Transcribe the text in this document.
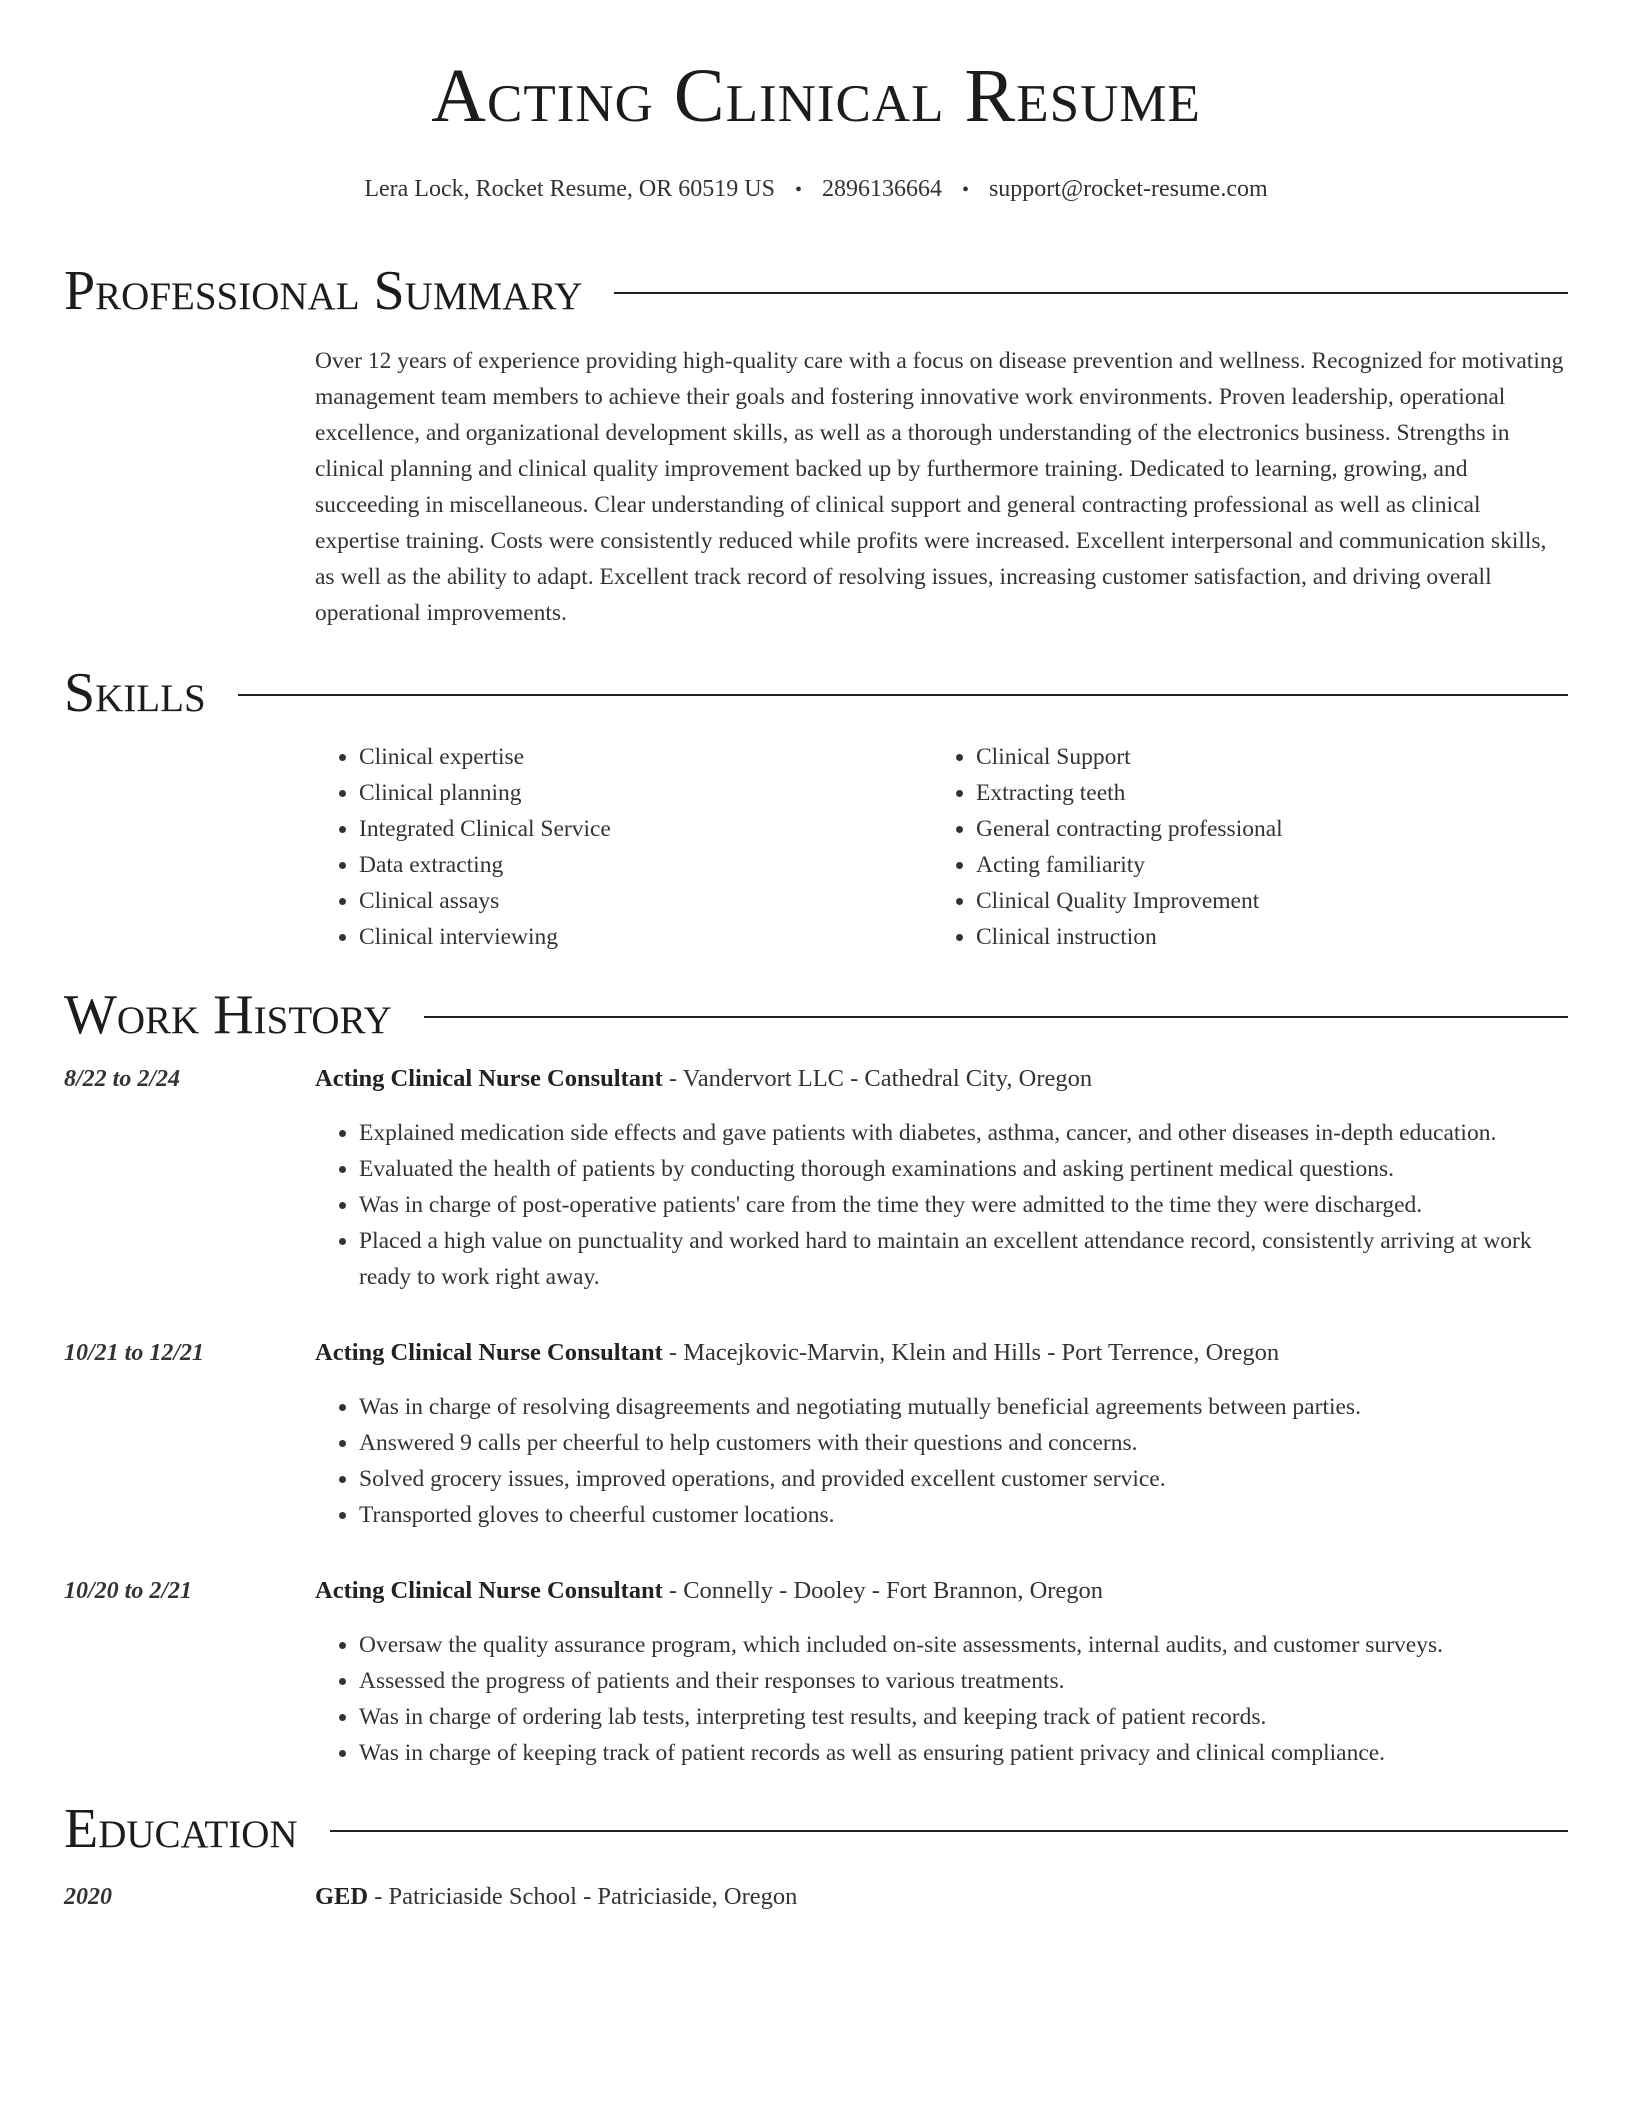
Acting Clinical Resume
Lera Lock, Rocket Resume, OR 60519 US • 2896136664 • support@rocket-resume.com
Professional Summary
Over 12 years of experience providing high-quality care with a focus on disease prevention and wellness. Recognized for motivating management team members to achieve their goals and fostering innovative work environments. Proven leadership, operational excellence, and organizational development skills, as well as a thorough understanding of the electronics business. Strengths in clinical planning and clinical quality improvement backed up by furthermore training. Dedicated to learning, growing, and succeeding in miscellaneous. Clear understanding of clinical support and general contracting professional as well as clinical expertise training. Costs were consistently reduced while profits were increased. Excellent interpersonal and communication skills, as well as the ability to adapt. Excellent track record of resolving issues, increasing customer satisfaction, and driving overall operational improvements.
Skills
• Clinical expertise
• Clinical planning
• Integrated Clinical Service
• Data extracting
• Clinical assays
• Clinical interviewing
• Clinical Support
• Extracting teeth
• General contracting professional
• Acting familiarity
• Clinical Quality Improvement
• Clinical instruction
Work History
8/22 to 2/24	Acting Clinical Nurse Consultant - Vandervort LLC - Cathedral City, Oregon
• Explained medication side effects and gave patients with diabetes, asthma, cancer, and other diseases in-depth education.
• Evaluated the health of patients by conducting thorough examinations and asking pertinent medical questions.
• Was in charge of post-operative patients' care from the time they were admitted to the time they were discharged.
• Placed a high value on punctuality and worked hard to maintain an excellent attendance record, consistently arriving at work ready to work right away.
10/21 to 12/21	Acting Clinical Nurse Consultant - Macejkovic-Marvin, Klein and Hills - Port Terrence, Oregon
• Was in charge of resolving disagreements and negotiating mutually beneficial agreements between parties.
• Answered 9 calls per cheerful to help customers with their questions and concerns.
• Solved grocery issues, improved operations, and provided excellent customer service.
• Transported gloves to cheerful customer locations.
10/20 to 2/21	Acting Clinical Nurse Consultant - Connelly - Dooley - Fort Brannon, Oregon
• Oversaw the quality assurance program, which included on-site assessments, internal audits, and customer surveys.
• Assessed the progress of patients and their responses to various treatments.
• Was in charge of ordering lab tests, interpreting test results, and keeping track of patient records.
• Was in charge of keeping track of patient records as well as ensuring patient privacy and clinical compliance.
Education
2020	GED - Patriciaside School - Patriciaside, Oregon
